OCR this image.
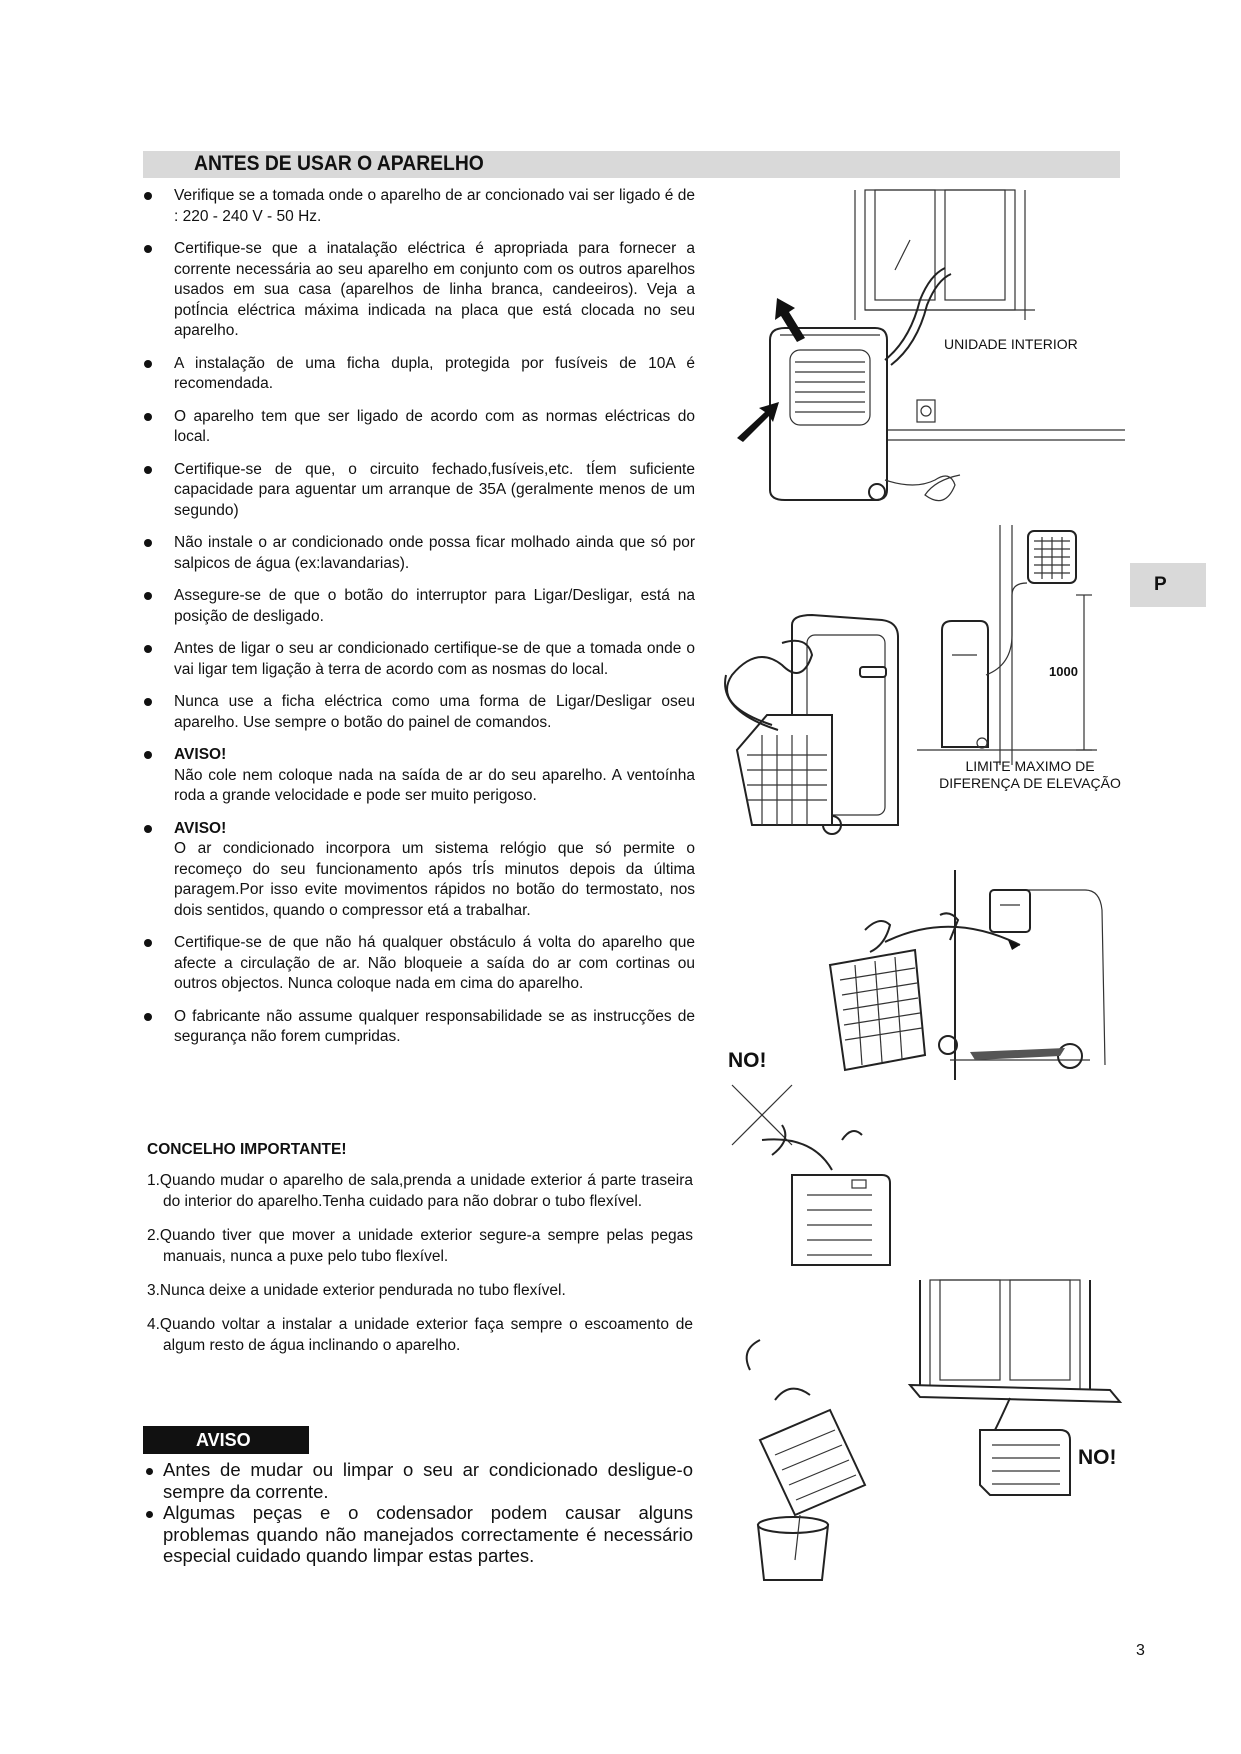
ANTES DE USAR O APARELHO
Verifique se a tomada onde o aparelho de ar concionado vai ser ligado é de : 220 - 240 V - 50 Hz.
Certifique-se que a inatalação eléctrica é apropriada para fornecer a corrente necessária ao seu aparelho em conjunto com os outros aparelhos usados em sua casa (aparelhos de linha branca, candeeiros). Veja a potÍncia eléctrica máxima indicada na placa que está clocada no seu aparelho.
A instalação de uma ficha dupla, protegida por fusíveis de 10A é recomendada.
O aparelho tem que ser ligado de acordo com as normas eléctricas do local.
Certifique-se de que, o circuito fechado,fusíveis,etc. tÍem suficiente capacidade para aguentar um arranque de 35A (geralmente menos de um segundo)
Não instale o ar condicionado onde possa ficar molhado ainda que só por salpicos de água (ex:lavandarias).
Assegure-se de que o botão do interruptor para Ligar/Desligar, está na posição de desligado.
Antes de ligar o seu ar condicionado certifique-se de que a tomada onde o vai ligar tem ligação à terra de acordo com as nosmas do local.
Nunca use a ficha eléctrica como uma forma de Ligar/Desligar oseu aparelho. Use sempre o botão do painel de comandos.
AVISO!
Não cole nem coloque nada na saída de ar do seu aparelho. A ventoínha roda a grande velocidade e pode ser muito perigoso.
AVISO!
O ar condicionado incorpora um sistema relógio que só permite o recomeço do seu funcionamento após trÍs minutos depois da última paragem.Por isso evite movimentos rápidos no botão do termostato, nos dois sentidos, quando o compressor etá a trabalhar.
Certifique-se de que não há qualquer obstáculo á volta do aparelho que afecte a circulação de ar. Não bloqueie a saída do ar com cortinas ou outros objectos. Nunca coloque nada em cima do aparelho.
O fabricante não assume qualquer responsabilidade se as instrucções de segurança não forem cumpridas.
CONCELHO IMPORTANTE!
1.Quando mudar o aparelho de sala,prenda a unidade exterior á parte traseira do interior do aparelho.Tenha cuidado para não dobrar o tubo flexível.
2.Quando tiver que mover a unidade exterior segure-a sempre pelas pegas manuais, nunca a puxe pelo tubo flexível.
3.Nunca deixe a unidade exterior pendurada no tubo flexível.
4.Quando voltar a instalar a unidade exterior faça sempre o escoamento de algum resto de água inclinando o aparelho.
AVISO
Antes de mudar ou limpar o seu ar condicionado desligue-o sempre da corrente.
Algumas peças e o codensador podem causar alguns problemas quando não manejados correctamente é necessário especial cuidado quando limpar estas partes.
P
3
UNIDADE INTERIOR
1000
LIMITE MAXIMO DE
DIFERENÇA DE ELEVAÇÃO
NO!
NO!
